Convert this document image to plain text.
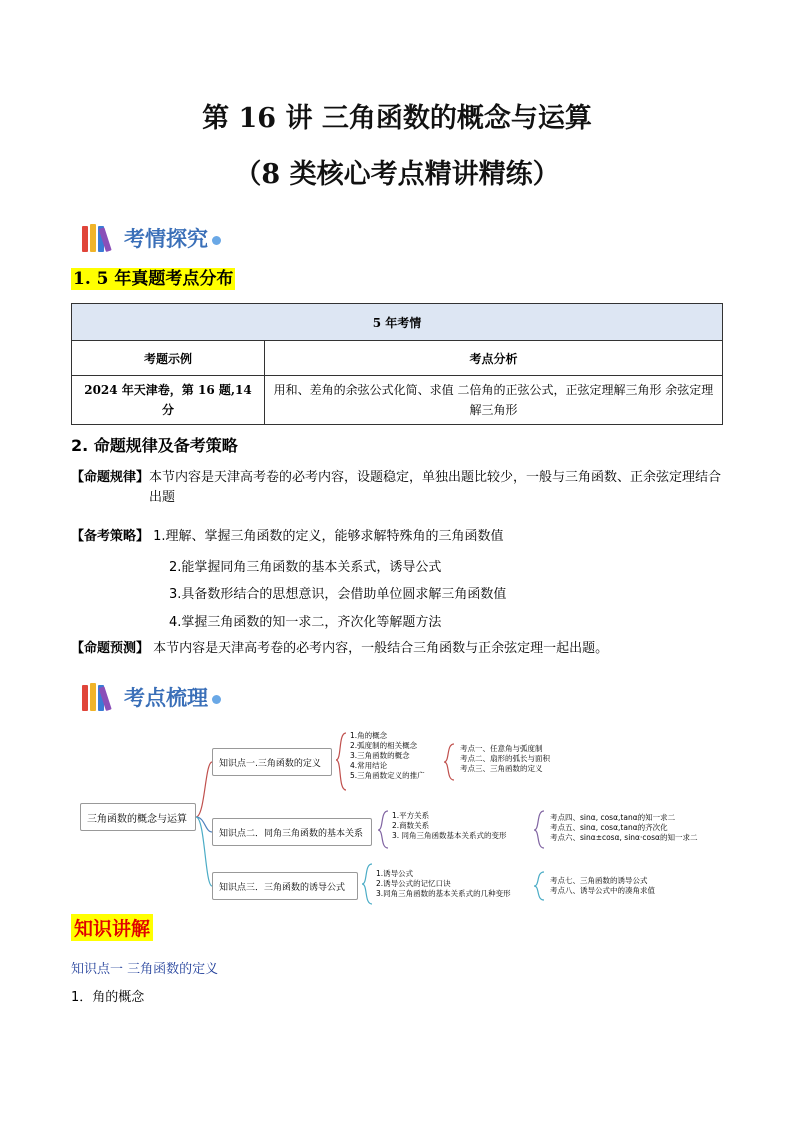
第 16 讲 三角函数的概念与运算
（8 类核心考点精讲精练）
考情探究
1. 5 年真题考点分布
5 年考情	
考题示例	考点分析
2024 年天津卷，第 16 题,14 分	用和、差角的余弦公式化简、求值 二倍角的正弦公式，正弦定理解三角形 余弦定理解三角形
2. 命题规律及备考策略
【命题规律】 本节内容是天津高考卷的必考内容，设题稳定，单独出题比较少，一般与三角函数、正余弦定理结合出题
【备考策略】 1.理解、掌握三角函数的定义，能够求解特殊角的三角函数值
2.能掌握同角三角函数的基本关系式，诱导公式
3.具备数形结合的思想意识，会借助单位圆求解三角函数值
4.掌握三角函数的知一求二，齐次化等解题方法
【命题预测】 本节内容是天津高考卷的必考内容，一般结合三角函数与正余弦定理一起出题。
考点梳理
三角函数的概念与运算
知识点一.三角函数的定义
知识点二．同角三角函数的基本关系
知识点三．三角函数的诱导公式
1.角的概念
2.弧度制的相关概念
3.三角函数的概念
4.常用结论
5.三角函数定义的推广
考点一、任意角与弧度制
考点二、扇形的弧长与面积
考点三、三角函数的定义
1.平方关系
2.商数关系
3. 同角三角函数基本关系式的变形
考点四、sinα, cosα,tanα的知一求二
考点五、sinα, cosα,tanα的齐次化
考点六、sinα±cosα, sinα·cosα的知一求二
1.诱导公式
2.诱导公式的记忆口诀
3.同角三角函数的基本关系式的几种变形
考点七、三角函数的诱导公式
考点八、诱导公式中的凑角求值
知识讲解
知识点一 三角函数的定义
1．角的概念
